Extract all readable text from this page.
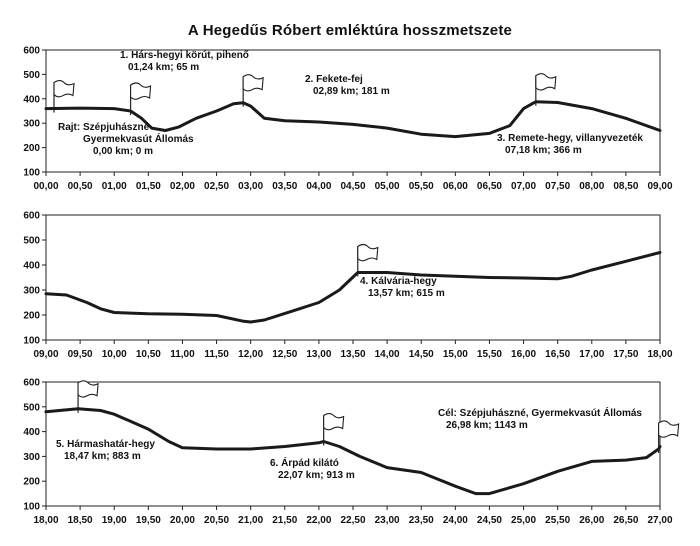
A Hegedűs Róbert emléktúra hosszmetszete
100
200
300
400
500
600
00,00 00,50 01,00 01,50 02,00 02,50 03,00 03,50 04,00 04,50 05,00 05,50 06,00 06,50 07,00 07,50 08,00 08,50 09,00
Rajt: Szépjuhászné
Gyermekvasút Állomás
0,00 km; 0 m
1. Hárs-hegyi körút, pihenő
01,24 km; 65 m
2. Fekete-fej
02,89 km; 181 m
3. Remete-hegy, villanyvezeték
07,18 km; 366 m
100
200
300
400
500
600
09,00 09,50 10,00 10,50 11,00 11,50 12,00 12,50 13,00 13,50 14,00 14,50 15,00 15,50 16,00 16,50 17,00 17,50 18,00
4. Kálvária-hegy
13,57 km; 615 m
100
200
300
400
500
600
18,00 18,50 19,00 19,50 20,00 20,50 21,00 21,50 22,00 22,50 23,00 23,50 24,00 24,50 25,00 25,50 26,00 26,50 27,00
5. Hármashatár-hegy
18,47 km; 883 m
6. Árpád kilátó
22,07 km; 913 m
Cél: Szépjuhászné, Gyermekvasút Állomás
26,98 km; 1143 m
